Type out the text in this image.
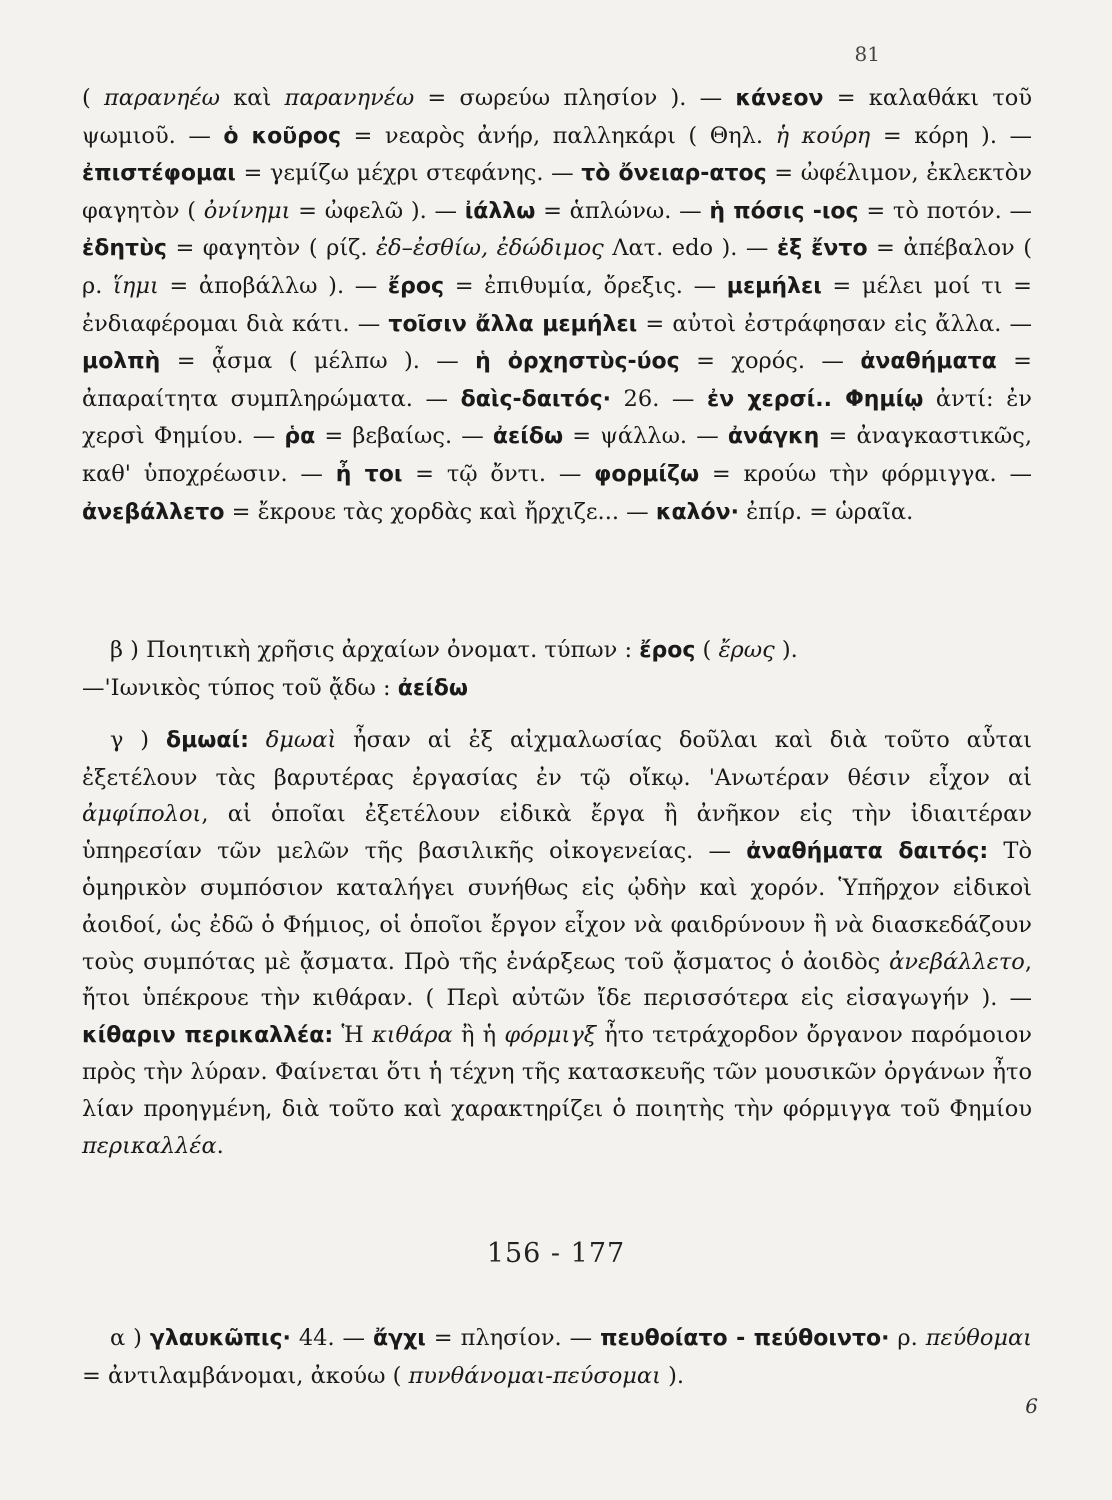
81
( παρανηέω καὶ παρανηνέω = σωρεύω πλησίον ). — κάνεον = καλαθάκι τοῦ ψωμιοῦ. — ὁ κοῦρος = νεαρὸς ἀνήρ, παλληκάρι ( Θηλ. ἡ κούρη = κόρη ). — ἐπιστέφομαι = γεμίζω μέχρι στεφάνης. — τὸ ὄνειαρ-ατος = ὠφέλιμον, ἐκλεκτὸν φαγητὸν ( ὀνίνημι = ὠφελῶ ). — ἰάλλω = ἁπλώνω. — ἡ πόσις -ιος = τὸ ποτόν. — ἐδητὺς = φαγητὸν ( ρίζ. ἐδ–ἐσθίω, ἐδώδιμος Λατ. edo ). — ἐξ ἔντο = ἀπέβαλον ( ρ. ἵημι = ἀποβάλλω ). — ἔρος = ἐπιθυμία, ὄρεξις. — μεμήλει = μέλει μοί τι = ἐνδιαφέρομαι διὰ κάτι. — τοῖσιν ἄλλα μεμήλει = αὐτοὶ ἐστράφησαν εἰς ἄλλα. — μολπὴ = ᾆσμα ( μέλπω ). — ἡ ὀρχηστὺς-ύος = χορός. — ἀναθήματα = ἀπαραίτητα συμπληρώματα. — δαὶς-δαιτός· 26. — ἐν χερσί.. Φημίῳ ἀντί: ἐν χερσὶ Φημίου. — ῥα = βεβαίως. — ἀείδω = ψάλλω. — ἀνάγκη = ἀναγκαστικῶς, καθ' ὑποχρέωσιν. — ἦ τοι = τῷ ὄντι. — φορμίζω = κρούω τὴν φόρμιγγα. — ἀνεβάλλετο = ἔκρουε τὰς χορδὰς καὶ ἤρχιζε... — καλόν· ἐπίρ. = ὡραῖα.
β ) Ποιητικὴ χρῆσις ἀρχαίων ὀνοματ. τύπων : ἔρος ( ἔρως ).
—'Ιωνικὸς τύπος τοῦ ᾄδω : ἀείδω
γ ) δμωαί: δμωαὶ ἦσαν αἱ ἐξ αἰχμαλωσίας δοῦλαι καὶ διὰ τοῦτο αὗται ἐξετέλουν τὰς βαρυτέρας ἐργασίας ἐν τῷ οἴκῳ. 'Ανωτέραν θέσιν εἶχον αἱ ἀμφίπολοι, αἱ ὁποῖαι ἐξετέλουν εἰδικὰ ἔργα ἢ ἀνῆκον εἰς τὴν ἰδιαιτέραν ὑπηρεσίαν τῶν μελῶν τῆς βασιλικῆς οἰκογενείας. — ἀναθήματα δαιτός: Τὸ ὁμηρικὸν συμπόσιον καταλήγει συνήθως εἰς ᾠδὴν καὶ χορόν. Ὑπῆρχον εἰδικοὶ ἀοιδοί, ὡς ἐδῶ ὁ Φήμιος, οἱ ὁποῖοι ἔργον εἶχον νὰ φαιδρύνουν ἢ νὰ διασκεδάζουν τοὺς συμπότας μὲ ᾄσματα. Πρὸ τῆς ἐνάρξεως τοῦ ᾄσματος ὁ ἀοιδὸς ἀνεβάλλετο, ἤτοι ὑπέκρουε τὴν κιθάραν. ( Περὶ αὐτῶν ἴδε περισσότερα εἰς εἰσαγωγήν ). — κίθαριν περικαλλέα: Ἡ κιθάρα ἢ ἡ φόρμιγξ ἦτο τετράχορδον ὄργανον παρόμοιον πρὸς τὴν λύραν. Φαίνεται ὅτι ἡ τέχνη τῆς κατασκευῆς τῶν μουσικῶν ὀργάνων ἦτο λίαν προηγμένη, διὰ τοῦτο καὶ χαρακτηρίζει ὁ ποιητὴς τὴν φόρμιγγα τοῦ Φημίου περικαλλέα.
156 - 177
α ) γλαυκῶπις· 44. — ἄγχι = πλησίον. — πευθοίατο - πεύθοιντο· ρ. πεύθομαι = ἀντιλαμβάνομαι, ἀκούω ( πυνθάνομαι-πεύσομαι ).
6
